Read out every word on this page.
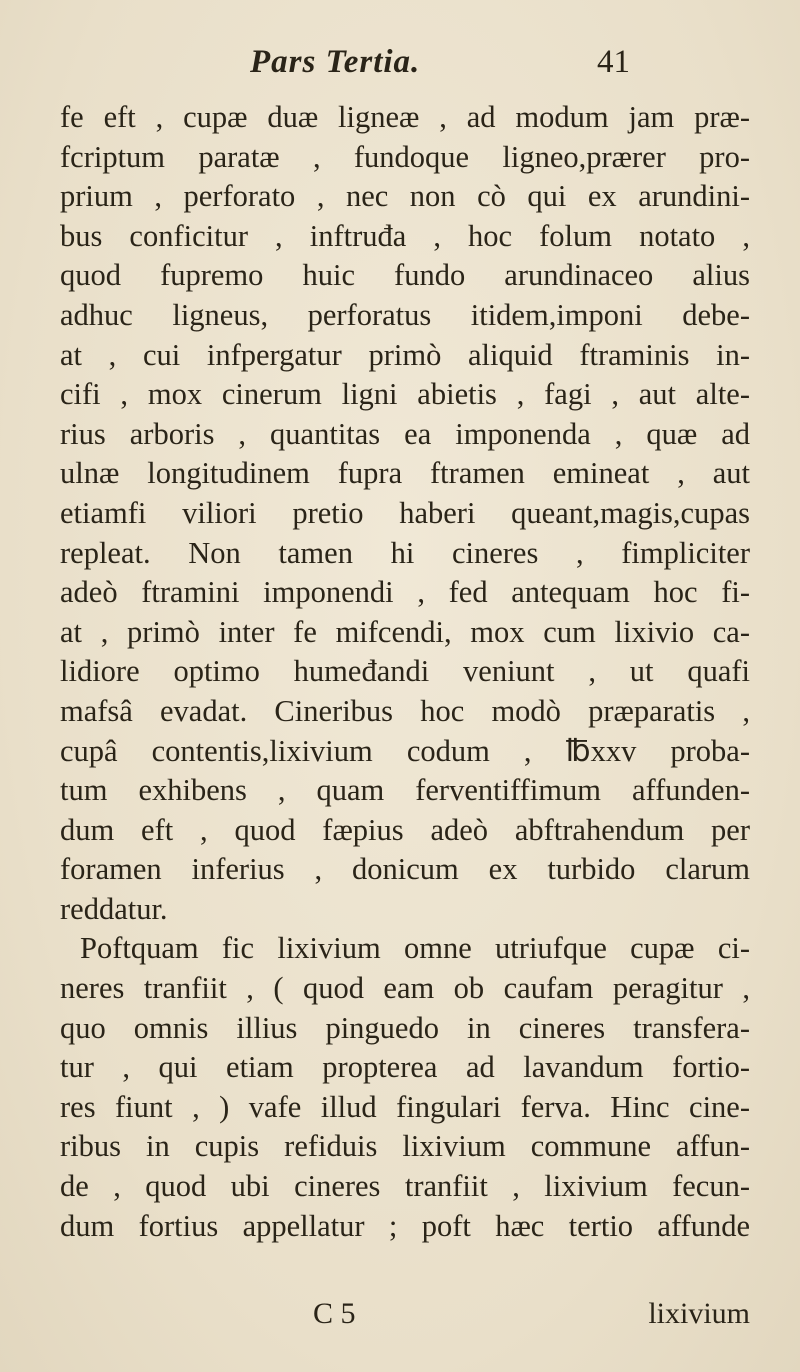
Pars Tertia.	41
fe eft , cupæ duæ ligneæ , ad modum jam præ-
fcriptum paratæ , fundoque ligneo,prærer pro-
prium , perforato , nec non cò qui ex arundini-
bus conficitur , inftruđa , hoc folum notato ,
quod fupremo huic fundo arundinaceo alius
adhuc ligneus, perforatus itidem,imponi debe-
at , cui infpergatur primò aliquid ftraminis in-
cifi , mox cinerum ligni abietis , fagi , aut alte-
rius arboris , quantitas ea imponenda , quæ ad
ulnæ longitudinem fupra ftramen emineat , aut
etiamfi viliori pretio haberi queant,magis,cupas
repleat. Non tamen hi cineres , fimpliciter
adeò ftramini imponendi , fed antequam hoc fi-
at , primò inter fe mifcendi, mox cum lixivio ca-
lidiore optimo humeđandi veniunt , ut quafi
mafsâ evadat. Cineribus hoc modò præparatis ,
cupâ contentis,lixivium codum , ℔xxv proba-
tum exhibens , quam ferventiffimum affunden-
dum eft , quod fæpius adeò abftrahendum per
foramen inferius , donicum ex turbido clarum
reddatur.
Poftquam fic lixivium omne utriufque cupæ ci-
neres tranfiit , ( quod eam ob caufam peragitur ,
quo omnis illius pinguedo in cineres transfera-
tur , qui etiam propterea ad lavandum fortio-
res fiunt , ) vafe illud fingulari ferva. Hinc cine-
ribus in cupis refiduis lixivium commune affun-
de , quod ubi cineres tranfiit , lixivium fecun-
dum fortius appellatur ; poft hæc tertio affunde
C 5	lixivium
